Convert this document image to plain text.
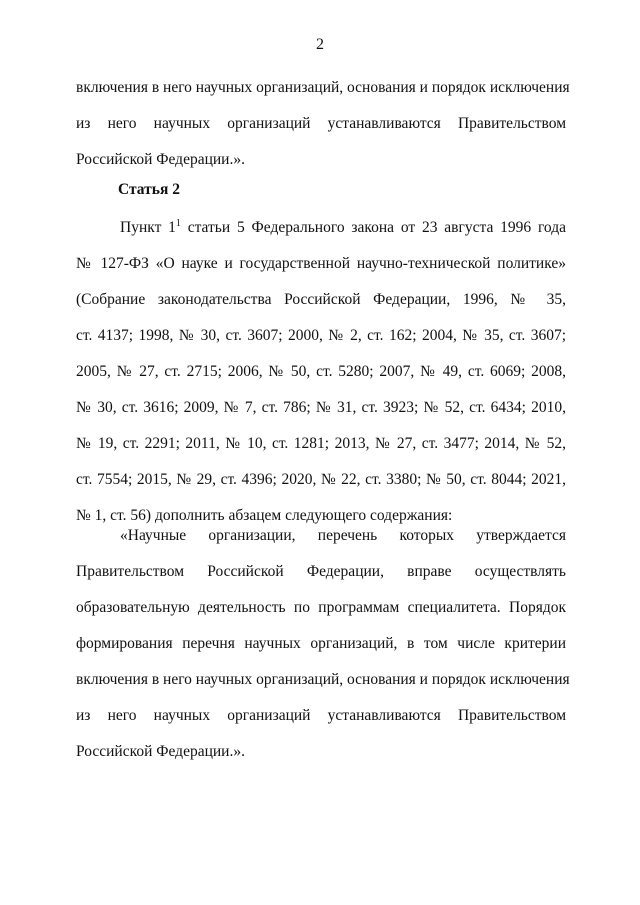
2
включения в него научных организаций, основания и порядок исключения
из него научных организаций устанавливаются Правительством
Российской Федерации.».
Статья 2
Пункт $1^1$ статьи 5 Федерального закона от 23 августа 1996 года
№ 127-ФЗ «О науке и государственной научно-технической политике»
(Собрание законодательства Российской Федерации, 1996, № 35,
ст. 4137; 1998, № 30, ст. 3607; 2000, № 2, ст. 162; 2004, № 35, ст. 3607;
2005, № 27, ст. 2715; 2006, № 50, ст. 5280; 2007, № 49, ст. 6069; 2008,
№ 30, ст. 3616; 2009, № 7, ст. 786; № 31, ст. 3923; № 52, ст. 6434; 2010,
№ 19, ст. 2291; 2011, № 10, ст. 1281; 2013, № 27, ст. 3477; 2014, № 52,
ст. 7554; 2015, № 29, ст. 4396; 2020, № 22, ст. 3380; № 50, ст. 8044; 2021,
№ 1, ст. 56) дополнить абзацем следующего содержания:
«Научные организации, перечень которых утверждается
Правительством Российской Федерации, вправе осуществлять
образовательную деятельность по программам специалитета. Порядок
формирования перечня научных организаций, в том числе критерии
включения в него научных организаций, основания и порядок исключения
из него научных организаций устанавливаются Правительством
Российской Федерации.».
